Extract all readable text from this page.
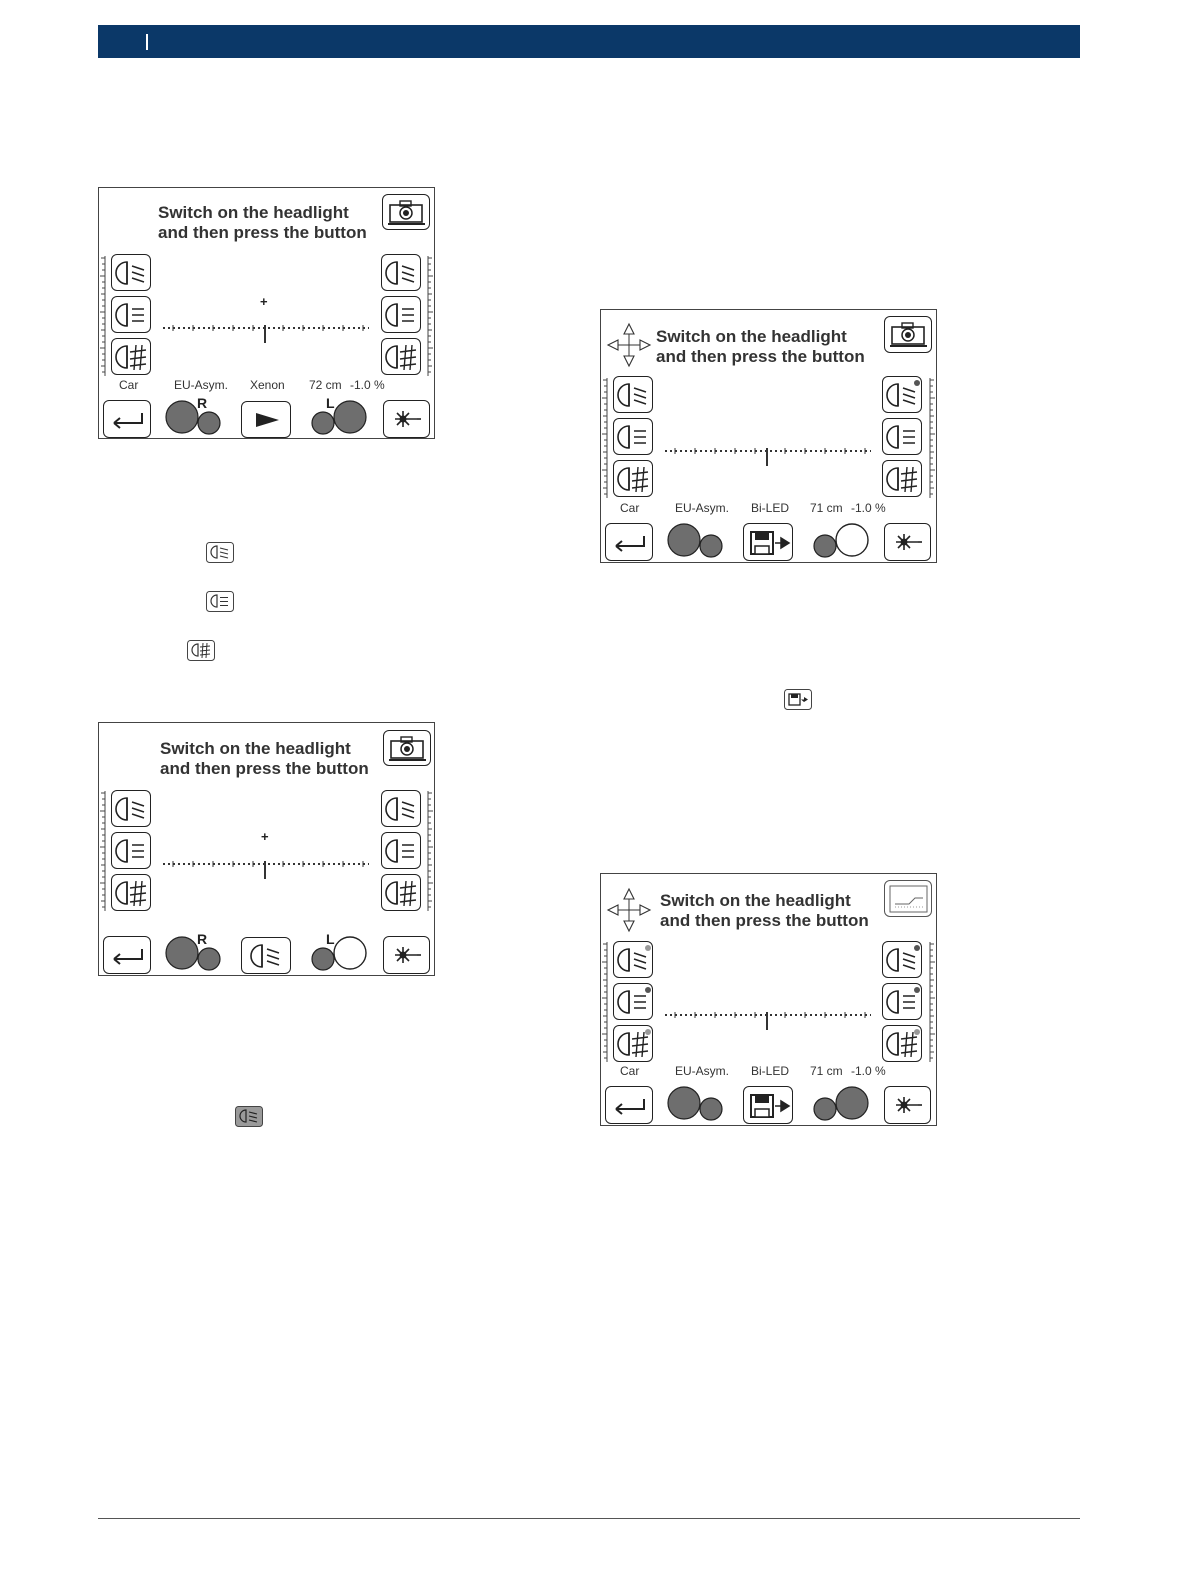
Switch on the headlight
and then press the button
+
Car	EU-Asym. Xenon 72 cm -1.0 %
R	L
Switch on the headlight
and then press the button
+
R	L
Switch on the headlight
and then press the button
Car	EU-Asym. Bi-LED 71 cm -1.0 %
Switch on the headlight
and then press the button
Car	EU-Asym. Bi-LED 71 cm -1.0 %
